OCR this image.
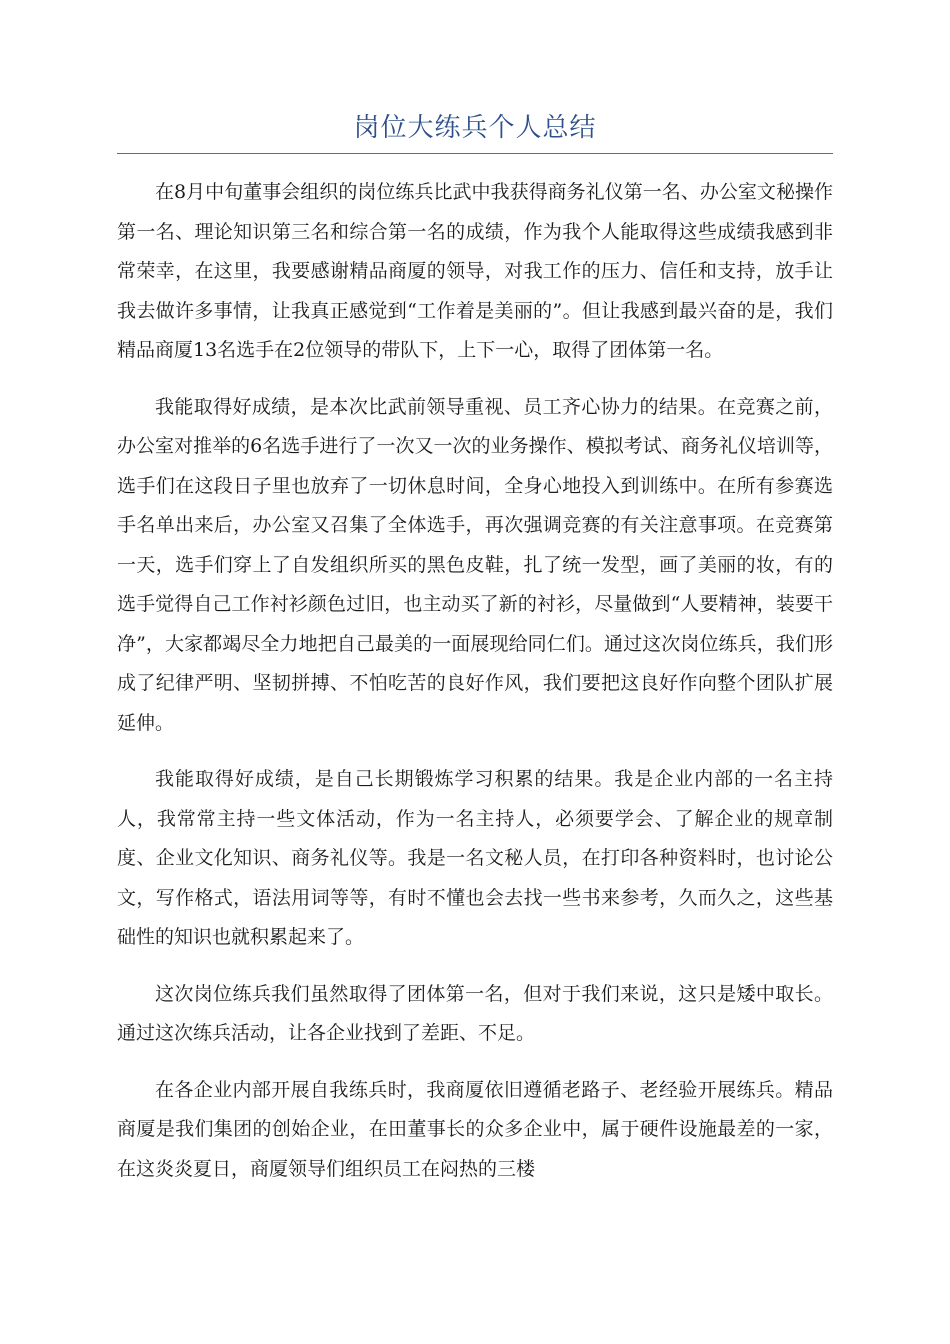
岗位大练兵个人总结

在8月中旬董事会组织的岗位练兵比武中我获得商务礼仪第一名、办公室文秘操作第一名、理论知识第三名和综合第一名的成绩，作为我个人能取得这些成绩我感到非常荣幸，在这里，我要感谢精品商厦的领导，对我工作的压力、信任和支持，放手让我去做许多事情，让我真正感觉到“工作着是美丽的”。但让我感到最兴奋的是，我们精品商厦13名选手在2位领导的带队下，上下一心，取得了团体第一名。

我能取得好成绩，是本次比武前领导重视、员工齐心协力的结果。在竞赛之前，办公室对推举的6名选手进行了一次又一次的业务操作、模拟考试、商务礼仪培训等，选手们在这段日子里也放弃了一切休息时间，全身心地投入到训练中。在所有参赛选手名单出来后，办公室又召集了全体选手，再次强调竞赛的有关注意事项。在竞赛第一天，选手们穿上了自发组织所买的黑色皮鞋，扎了统一发型，画了美丽的妆，有的选手觉得自己工作衬衫颜色过旧，也主动买了新的衬衫，尽量做到“人要精神，装要干净”，大家都竭尽全力地把自己最美的一面展现给同仁们。通过这次岗位练兵，我们形成了纪律严明、坚韧拼搏、不怕吃苦的良好作风，我们要把这良好作向整个团队扩展延伸。

我能取得好成绩，是自己长期锻炼学习积累的结果。我是企业内部的一名主持人，我常常主持一些文体活动，作为一名主持人，必须要学会、了解企业的规章制度、企业文化知识、商务礼仪等。我是一名文秘人员，在打印各种资料时，也讨论公文，写作格式，语法用词等等，有时不懂也会去找一些书来参考，久而久之，这些基础性的知识也就积累起来了。

这次岗位练兵我们虽然取得了团体第一名，但对于我们来说，这只是矮中取长。通过这次练兵活动，让各企业找到了差距、不足。

在各企业内部开展自我练兵时，我商厦依旧遵循老路子、老经验开展练兵。精品商厦是我们集团的创始企业，在田董事长的众多企业中，属于硬件设施最差的一家，在这炎炎夏日，商厦领导们组织员工在闷热的三楼
